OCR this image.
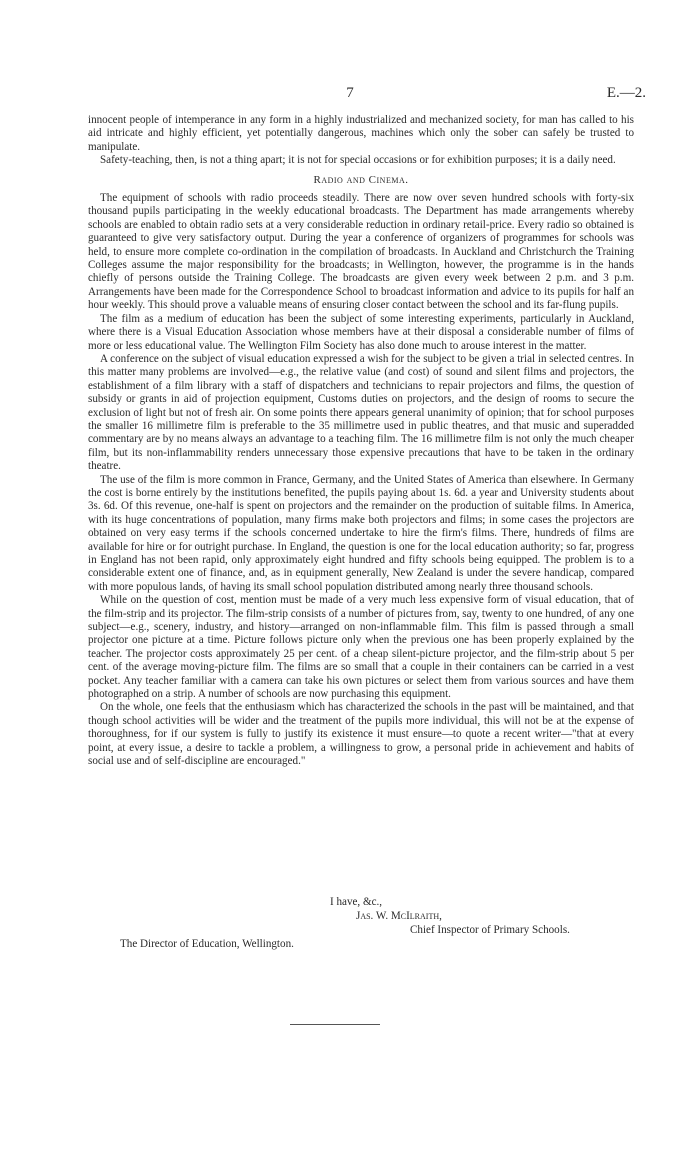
7	E.—2.

innocent people of intemperance in any form in a highly industrialized and mechanized society, for man has called to his aid intricate and highly efficient, yet potentially dangerous, machines which only the sober can safely be trusted to manipulate.

Safety-teaching, then, is not a thing apart; it is not for special occasions or for exhibition purposes; it is a daily need.

Radio and Cinema.

The equipment of schools with radio proceeds steadily. There are now over seven hundred schools with forty-six thousand pupils participating in the weekly educational broadcasts. The Department has made arrangements whereby schools are enabled to obtain radio sets at a very considerable reduction in ordinary retail-price. Every radio so obtained is guaranteed to give very satisfactory output. During the year a conference of organizers of programmes for schools was held, to ensure more complete co-ordination in the compilation of broadcasts. In Auckland and Christchurch the Training Colleges assume the major responsibility for the broadcasts; in Wellington, however, the programme is in the hands chiefly of persons outside the Training College. The broadcasts are given every week between 2 p.m. and 3 p.m. Arrangements have been made for the Correspondence School to broadcast information and advice to its pupils for half an hour weekly. This should prove a valuable means of ensuring closer contact between the school and its far-flung pupils.

The film as a medium of education has been the subject of some interesting experiments, particularly in Auckland, where there is a Visual Education Association whose members have at their disposal a considerable number of films of more or less educational value. The Wellington Film Society has also done much to arouse interest in the matter.

A conference on the subject of visual education expressed a wish for the subject to be given a trial in selected centres. In this matter many problems are involved—e.g., the relative value (and cost) of sound and silent films and projectors, the establishment of a film library with a staff of dispatchers and technicians to repair projectors and films, the question of subsidy or grants in aid of projection equipment, Customs duties on projectors, and the design of rooms to secure the exclusion of light but not of fresh air. On some points there appears general unanimity of opinion; that for school purposes the smaller 16 millimetre film is preferable to the 35 millimetre used in public theatres, and that music and superadded commentary are by no means always an advantage to a teaching film. The 16 millimetre film is not only the much cheaper film, but its non-inflammability renders unnecessary those expensive precautions that have to be taken in the ordinary theatre.

The use of the film is more common in France, Germany, and the United States of America than elsewhere. In Germany the cost is borne entirely by the institutions benefited, the pupils paying about 1s. 6d. a year and University students about 3s. 6d. Of this revenue, one-half is spent on projectors and the remainder on the production of suitable films. In America, with its huge concentrations of population, many firms make both projectors and films; in some cases the projectors are obtained on very easy terms if the schools concerned undertake to hire the firm's films. There, hundreds of films are available for hire or for outright purchase. In England, the question is one for the local education authority; so far, progress in England has not been rapid, only approximately eight hundred and fifty schools being equipped. The problem is to a considerable extent one of finance, and, as in equipment generally, New Zealand is under the severe handicap, compared with more populous lands, of having its small school population distributed among nearly three thousand schools.

While on the question of cost, mention must be made of a very much less expensive form of visual education, that of the film-strip and its projector. The film-strip consists of a number of pictures from, say, twenty to one hundred, of any one subject—e.g., scenery, industry, and history—arranged on non-inflammable film. This film is passed through a small projector one picture at a time. Picture follows picture only when the previous one has been properly explained by the teacher. The projector costs approximately 25 per cent. of a cheap silent-picture projector, and the film-strip about 5 per cent. of the average moving-picture film. The films are so small that a couple in their containers can be carried in a vest pocket. Any teacher familiar with a camera can take his own pictures or select them from various sources and have them photographed on a strip. A number of schools are now purchasing this equipment.

On the whole, one feels that the enthusiasm which has characterized the schools in the past will be maintained, and that though school activities will be wider and the treatment of the pupils more individual, this will not be at the expense of thoroughness, for if our system is fully to justify its existence it must ensure—to quote a recent writer—"that at every point, at every issue, a desire to tackle a problem, a willingness to grow, a personal pride in achievement and habits of social use and of self-discipline are encouraged."

I have, &c.,
Jas. W. McIlraith,
Chief Inspector of Primary Schools.
The Director of Education, Wellington.
